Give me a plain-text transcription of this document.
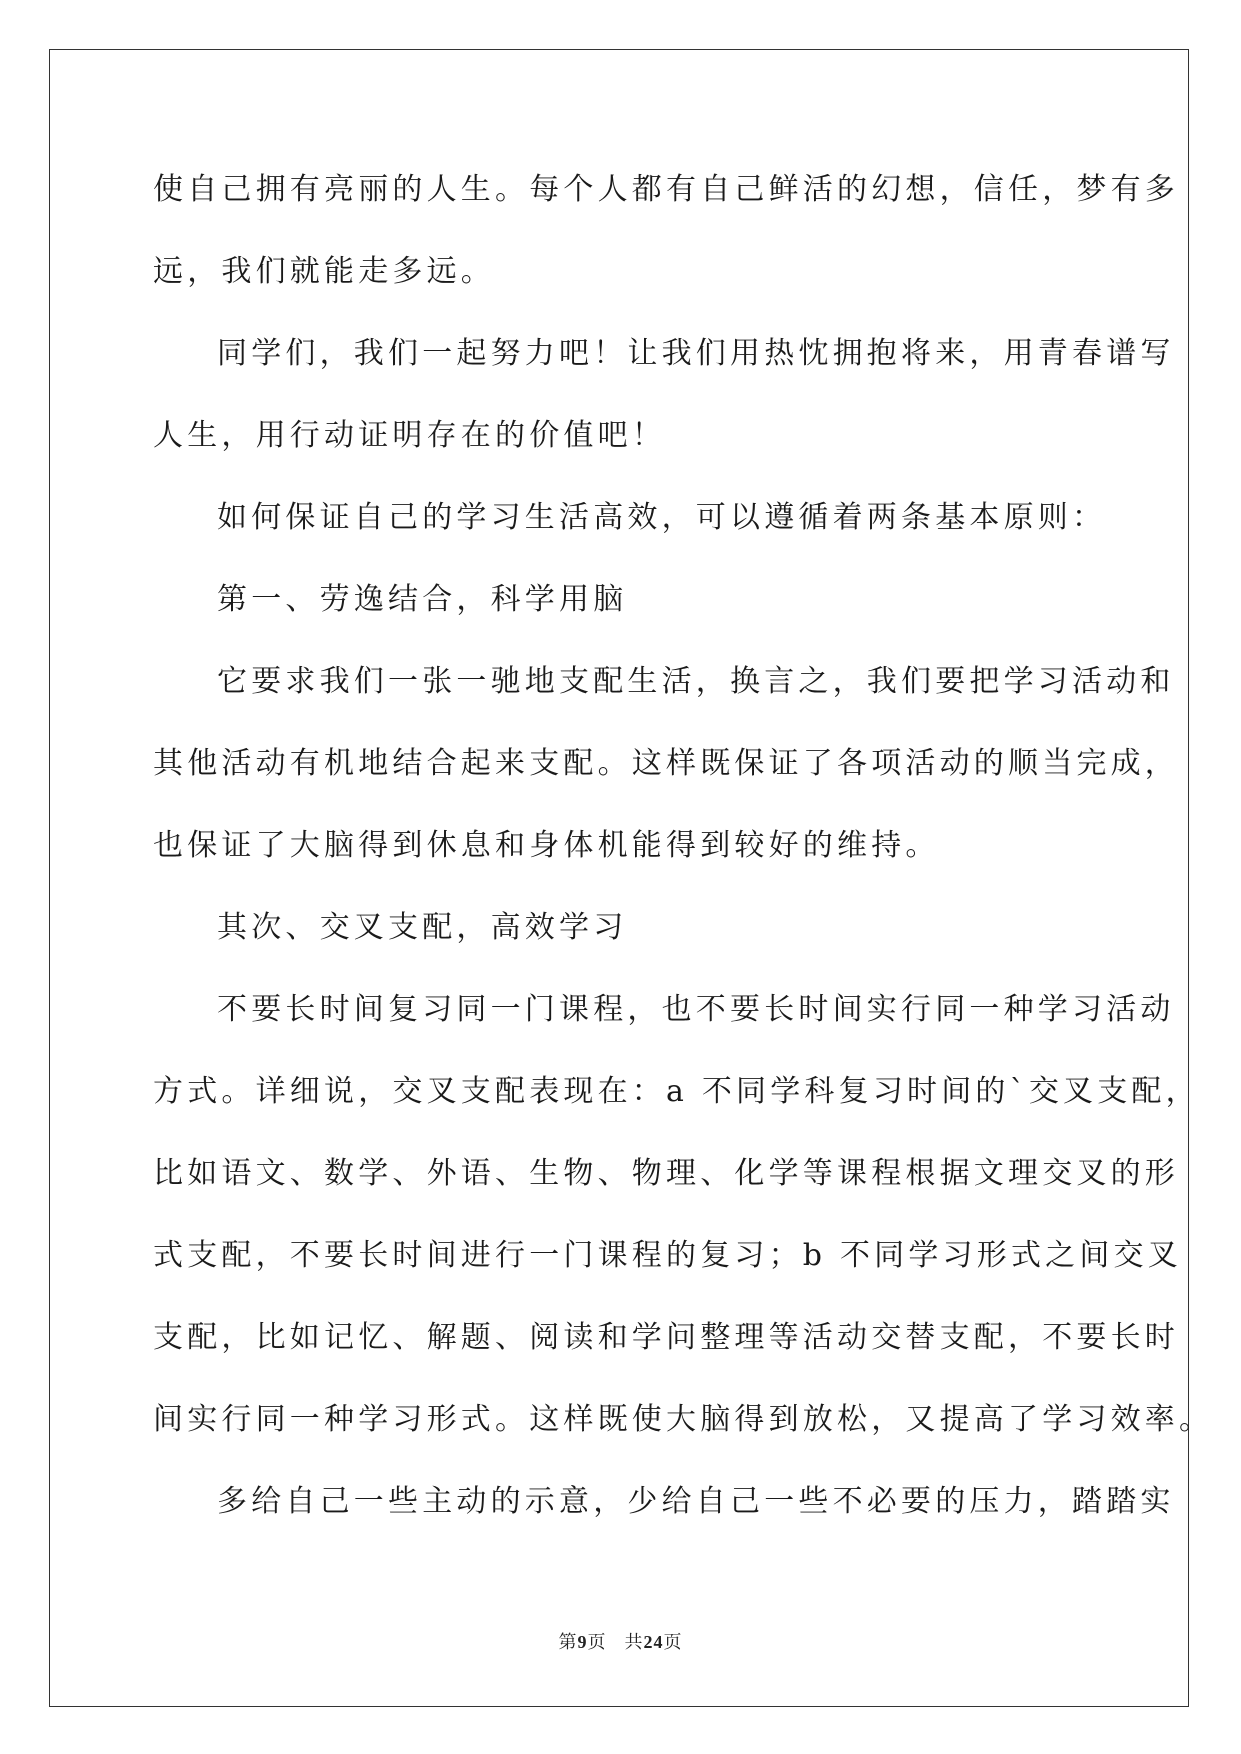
使自己拥有亮丽的人生。每个人都有自己鲜活的幻想，信任，梦有多
远，我们就能走多远。
同学们，我们一起努力吧！让我们用热忱拥抱将来，用青春谱写
人生，用行动证明存在的价值吧！
如何保证自己的学习生活高效，可以遵循着两条基本原则：
第一、劳逸结合，科学用脑
它要求我们一张一驰地支配生活，换言之，我们要把学习活动和
其他活动有机地结合起来支配。这样既保证了各项活动的顺当完成，
也保证了大脑得到休息和身体机能得到较好的维持。
其次、交叉支配，高效学习
不要长时间复习同一门课程，也不要长时间实行同一种学习活动
方式。详细说，交叉支配表现在：a 不同学科复习时间的`交叉支配，
比如语文、数学、外语、生物、物理、化学等课程根据文理交叉的形
式支配，不要长时间进行一门课程的复习；b 不同学习形式之间交叉
支配，比如记忆、解题、阅读和学问整理等活动交替支配，不要长时
间实行同一种学习形式。这样既使大脑得到放松，又提高了学习效率。
多给自己一些主动的示意，少给自己一些不必要的压力，踏踏实
第9页 共24页
